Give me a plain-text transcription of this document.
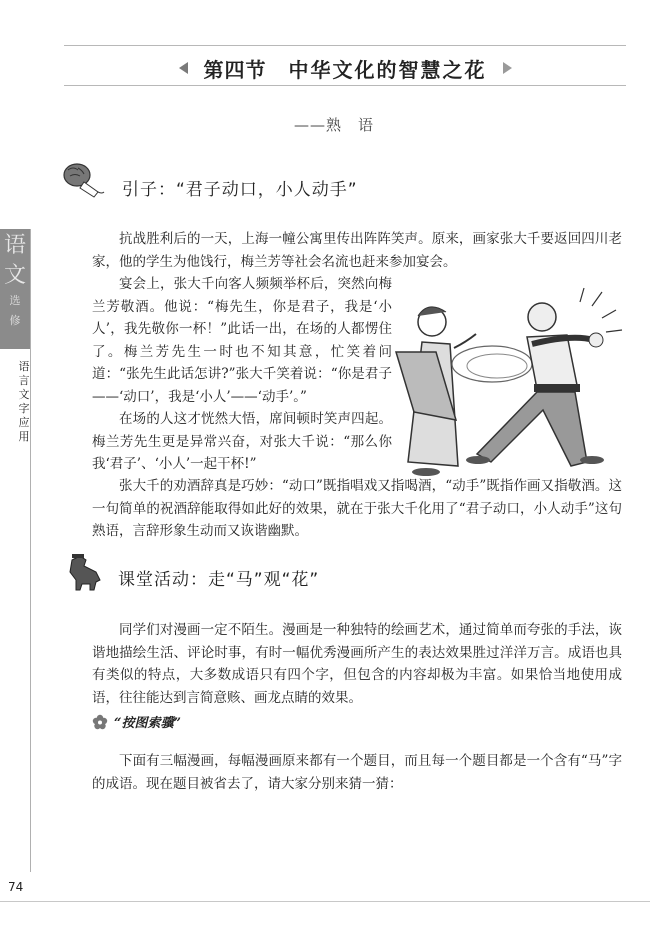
第四节 中华文化的智慧之花
——熟　语
语
文
选
修
语言文字应用
引子：“君子动口，小人动手”

抗战胜利后的一天，上海一幢公寓里传出阵阵笑声。原来，画家张大千要返回四川老家，他的学生为他饯行，梅兰芳等社会名流也赶来参加宴会。

宴会上，张大千向客人频频举杯后，突然向梅兰芳敬酒。他说：“梅先生，你是君子，我是‘小人’，我先敬你一杯！”此话一出，在场的人都愣住了。梅兰芳先生一时也不知其意，忙笑着问道：“张先生此话怎讲?”张大千笑着说：“你是君子——‘动口’，我是‘小人’——‘动手’。”

在场的人这才恍然大悟，席间顿时笑声四起。梅兰芳先生更是异常兴奋，对张大千说：“那么你我‘君子’、‘小人’一起干杯!”

张大千的劝酒辞真是巧妙：“动口”既指唱戏又指喝酒，“动手”既指作画又指敬酒。这一句简单的祝酒辞能取得如此好的效果，就在于张大千化用了“君子动口，小人动手”这句熟语，言辞形象生动而又诙谐幽默。

课堂活动：走“马”观“花”

同学们对漫画一定不陌生。漫画是一种独特的绘画艺术，通过简单而夸张的手法，诙谐地描绘生活、评论时事，有时一幅优秀漫画所产生的表达效果胜过洋洋万言。成语也具有类似的特点，大多数成语只有四个字，但包含的内容却极为丰富。如果恰当地使用成语，往往能达到言简意赅、画龙点睛的效果。

“按图索骥”

下面有三幅漫画，每幅漫画原来都有一个题目，而且每一个题目都是一个含有“马”字的成语。现在题目被省去了，请大家分别来猜一猜：

74
